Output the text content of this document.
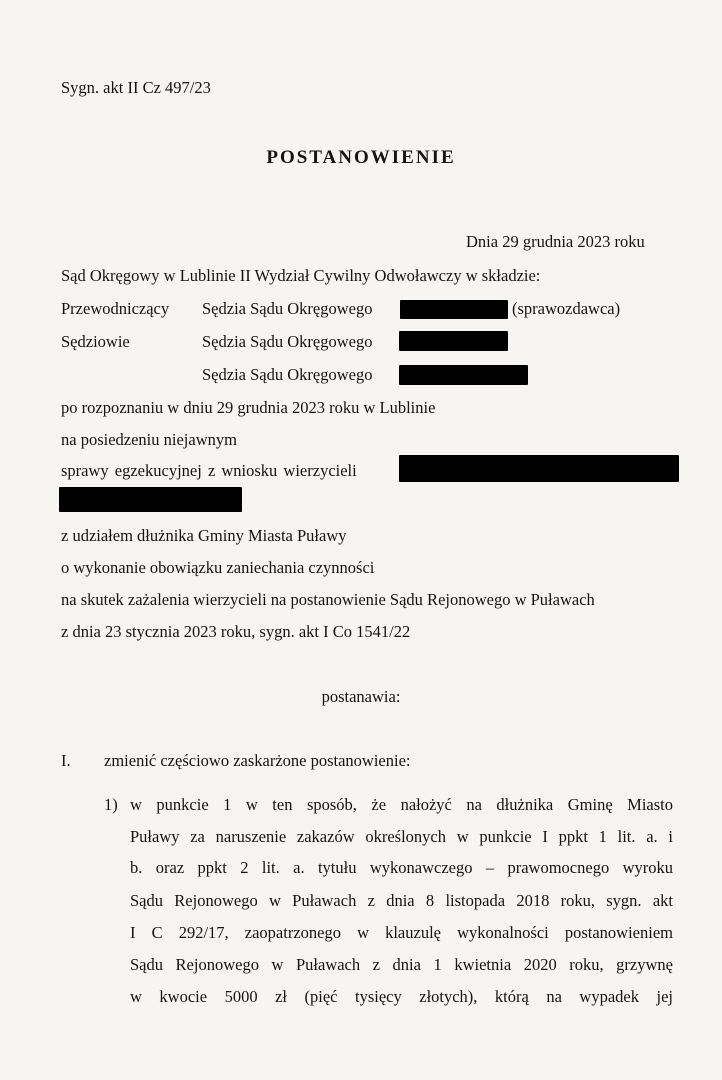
Sygn. akt II Cz 497/23
POSTANOWIENIE
Dnia 29 grudnia 2023 roku
Sąd Okręgowy w Lublinie II Wydział Cywilny Odwoławczy w składzie:
Przewodniczący Sędzia Sądu Okręgowego	(sprawozdawca)
Sędziowie	Sędzia Sądu Okręgowego
Sędzia Sądu Okręgowego
po rozpoznaniu w dniu 29 grudnia 2023 roku w Lublinie
na posiedzeniu niejawnym
sprawy egzekucyjnej z wniosku wierzycieli
z udziałem dłużnika Gminy Miasta Puławy
o wykonanie obowiązku zaniechania czynności
na skutek zażalenia wierzycieli na postanowienie Sądu Rejonowego w Puławach
z dnia 23 stycznia 2023 roku, sygn. akt I Co 1541/22
postanawia:
I. zmienić częściowo zaskarżone postanowienie:
1) w punkcie 1 w ten sposób, że nałożyć na dłużnika Gminę Miasto
Puławy za naruszenie zakazów określonych w punkcie I ppkt 1 lit. a. i
b. oraz ppkt 2 lit. a. tytułu wykonawczego – prawomocnego wyroku
Sądu Rejonowego w Puławach z dnia 8 listopada 2018 roku, sygn. akt
I C 292/17, zaopatrzonego w klauzulę wykonalności postanowieniem
Sądu Rejonowego w Puławach z dnia 1 kwietnia 2020 roku, grzywnę
w kwocie 5000 zł (pięć tysięcy złotych), którą na wypadek jej
